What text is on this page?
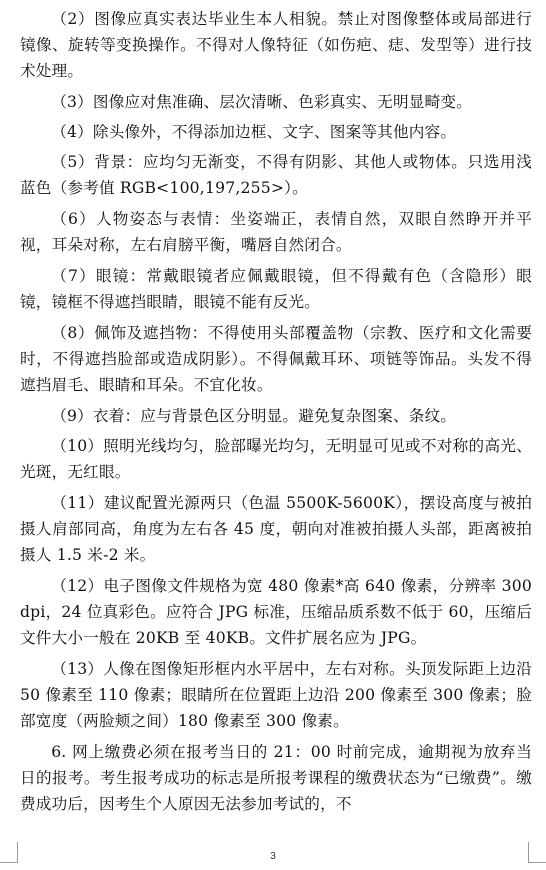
（2）图像应真实表达毕业生本人相貌。禁止对图像整体或局部进行镜像、旋转等变换操作。不得对人像特征（如伤疤、痣、发型等）进行技术处理。

（3）图像应对焦准确、层次清晰、色彩真实、无明显畸变。

（4）除头像外，不得添加边框、文字、图案等其他内容。

（5）背景：应均匀无渐变，不得有阴影、其他人或物体。只选用浅蓝色（参考值 RGB<100,197,255>）。

（6）人物姿态与表情：坐姿端正，表情自然，双眼自然睁开并平视，耳朵对称，左右肩膀平衡，嘴唇自然闭合。

（7）眼镜：常戴眼镜者应佩戴眼镜，但不得戴有色（含隐形）眼镜，镜框不得遮挡眼睛，眼镜不能有反光。

（8）佩饰及遮挡物：不得使用头部覆盖物（宗教、医疗和文化需要时，不得遮挡脸部或造成阴影）。不得佩戴耳环、项链等饰品。头发不得遮挡眉毛、眼睛和耳朵。不宜化妆。

（9）衣着：应与背景色区分明显。避免复杂图案、条纹。

（10）照明光线均匀，脸部曝光均匀，无明显可见或不对称的高光、光斑，无红眼。

（11）建议配置光源两只（色温 5500K-5600K），摆设高度与被拍摄人肩部同高，角度为左右各 45 度，朝向对准被拍摄人头部，距离被拍摄人 1.5 米-2 米。

（12）电子图像文件规格为宽 480 像素*高 640 像素，分辨率 300dpi，24 位真彩色。应符合 JPG 标准，压缩品质系数不低于 60，压缩后文件大小一般在 20KB 至 40KB。文件扩展名应为 JPG。

（13）人像在图像矩形框内水平居中，左右对称。头顶发际距上边沿 50 像素至 110 像素；眼睛所在位置距上边沿 200 像素至 300 像素；脸部宽度（两脸颊之间）180 像素至 300 像素。

6. 网上缴费必须在报考当日的 21：00 时前完成，逾期视为放弃当日的报考。考生报考成功的标志是所报考课程的缴费状态为“已缴费”。缴费成功后，因考生个人原因无法参加考试的，不

3
